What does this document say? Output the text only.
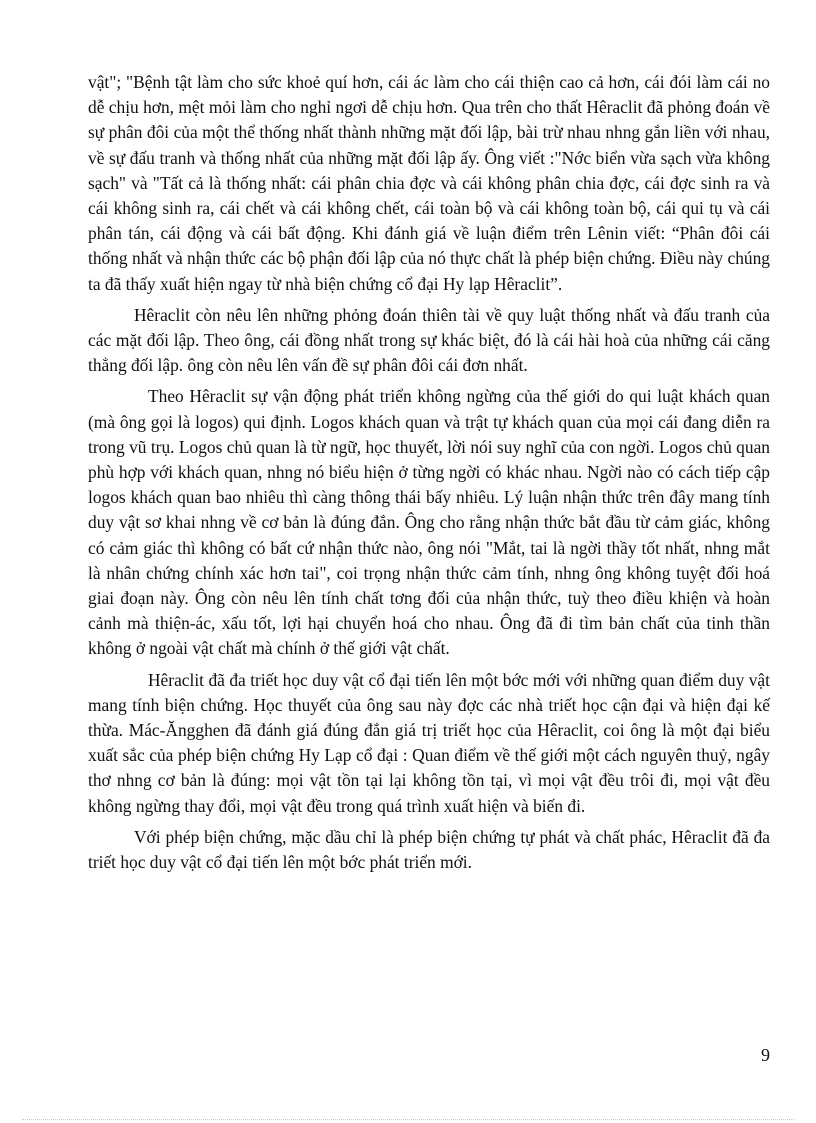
vật"; "Bệnh tật làm cho sức khoẻ quí hơn, cái ác làm cho cái thiện cao cả hơn, cái đói làm cái no dễ chịu hơn, mệt mỏi làm cho nghỉ ngơi dễ chịu hơn. Qua trên cho thất Hêraclit đã phỏng đoán về sự phân đôi của một thể thống nhất thành những mặt đối lập, bài trừ nhau nhng gắn liền với nhau, về sự đấu tranh và thống nhất của những mặt đối lập ấy. Ông viết :"Nớc biển vừa sạch vừa không sạch" và "Tất cả là thống nhất: cái phân chia đợc và cái không phân chia đợc, cái đợc sinh ra và cái không sinh ra, cái chết và cái không chết, cái toàn bộ và cái không toàn bộ, cái qui tụ và cái phân tán, cái động và cái bất động. Khi đánh giá về luận điểm trên Lênin viết: “Phân đôi cái thống nhất và nhận thức các bộ phận đối lập của nó thực chất là phép biện chứng. Điều này chúng ta đã thấy xuất hiện ngay từ nhà biện chứng cổ đại Hy lạp Hêraclit”.

Hêraclit còn nêu lên những phỏng đoán thiên tài về quy luật thống nhất và đấu tranh của các mặt đối lập. Theo ông, cái đồng nhất trong sự khác biệt, đó là cái hài hoà của những cái căng thẳng đối lập. ông còn nêu lên vấn đề sự phân đôi cái đơn nhất.

Theo Hêraclit sự vận động phát triển không ngừng của thế giới do qui luật khách quan (mà ông gọi là logos) qui định. Logos khách quan và trật tự khách quan của mọi cái đang diễn ra trong vũ trụ. Logos chủ quan là từ ngữ, học thuyết, lời nói suy nghĩ của con ngời. Logos chủ quan phù hợp với khách quan, nhng nó biểu hiện ở từng ngời có khác nhau. Ngời nào có cách tiếp cập logos khách quan bao nhiêu thì càng thông thái bấy nhiêu. Lý luận nhận thức trên đây mang tính duy vật sơ khai nhng về cơ bản là đúng đắn. Ông cho rằng nhận thức bắt đầu từ cảm giác, không có cảm giác thì không có bất cứ nhận thức nào, ông nói "Mắt, tai là ngời thầy tốt nhất, nhng mắt là nhân chứng chính xác hơn tai", coi trọng nhận thức cảm tính, nhng ông không tuyệt đối hoá giai đoạn này. Ông còn nêu lên tính chất tơng đối của nhận thức, tuỳ theo điều khiện và hoàn cảnh mà thiện-ác, xấu tốt, lợi hại chuyển hoá cho nhau. Ông đã đi tìm bản chất của tinh thần không ở ngoài vật chất mà chính ở thế giới vật chất.

Hêraclit đã đa triết học duy vật cổ đại tiến lên một bớc mới với những quan điểm duy vật mang tính biện chứng. Học thuyết của ông sau này đợc các nhà triết học cận đại và hiện đại kế thừa. Mác-Ăngghen đã đánh giá đúng đắn giá trị triết học của Hêraclit, coi ông là một đại biểu xuất sắc của phép biện chứng Hy Lạp cổ đại : Quan điểm về thế giới một cách nguyên thuỷ, ngây thơ nhng cơ bản là đúng: mọi vật tồn tại lại không tồn tại, vì mọi vật đều trôi đi, mọi vật đều không ngừng thay đổi, mọi vật đều trong quá trình xuất hiện và biến đi.

Với phép biện chứng, mặc dầu chỉ là phép biện chứng tự phát và chất phác, Hêraclit đã đa triết học duy vật cổ đại tiến lên một bớc phát triển mới.

9
